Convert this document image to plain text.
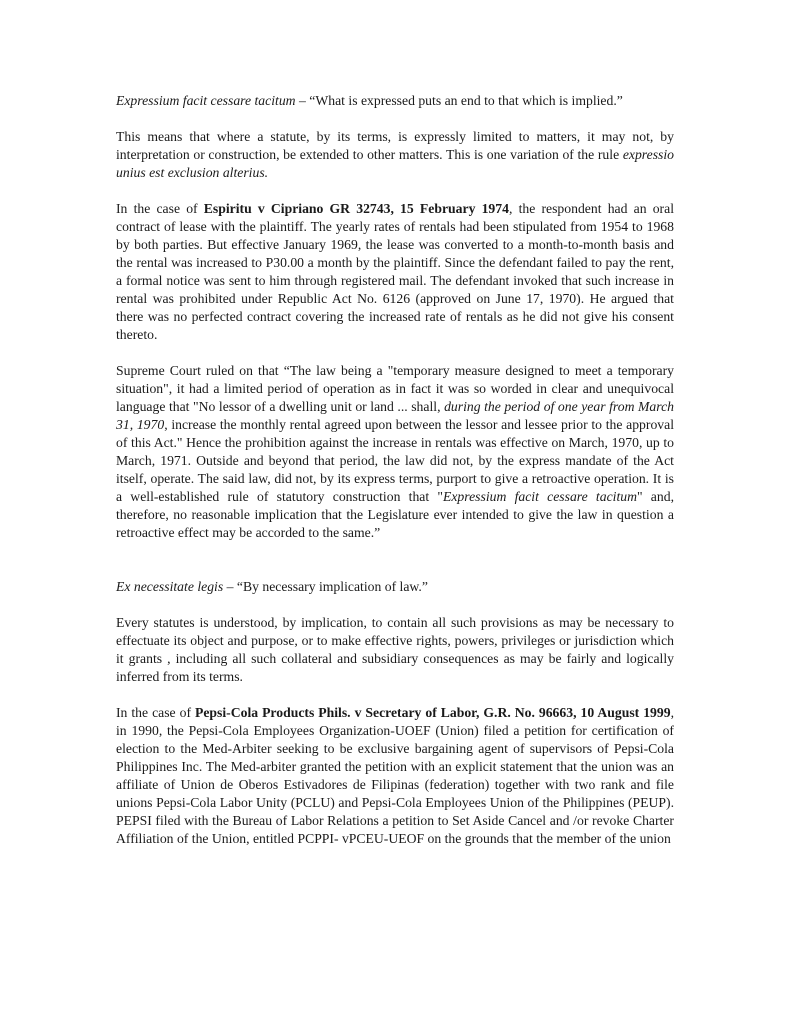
Expressium facit cessare tacitum – “What is expressed puts an end to that which is implied.”

This means that where a statute, by its terms, is expressly limited to matters, it may not, by interpretation or construction, be extended to other matters. This is one variation of the rule expressio unius est exclusion alterius.

In the case of Espiritu v Cipriano GR 32743, 15 February 1974, the respondent had an oral contract of lease with the plaintiff. The yearly rates of rentals had been stipulated from 1954 to 1968 by both parties. But effective January 1969, the lease was converted to a month-to-month basis and the rental was increased to P30.00 a month by the plaintiff. Since the defendant failed to pay the rent, a formal notice was sent to him through registered mail. The defendant invoked that such increase in rental was prohibited under Republic Act No. 6126 (approved on June 17, 1970). He argued that there was no perfected contract covering the increased rate of rentals as he did not give his consent thereto.

Supreme Court ruled on that “The law being a "temporary measure designed to meet a temporary situation", it had a limited period of operation as in fact it was so worded in clear and unequivocal language that "No lessor of a dwelling unit or land ... shall, during the period of one year from March 31, 1970, increase the monthly rental agreed upon between the lessor and lessee prior to the approval of this Act." Hence the prohibition against the increase in rentals was effective on March, 1970, up to March, 1971. Outside and beyond that period, the law did not, by the express mandate of the Act itself, operate. The said law, did not, by its express terms, purport to give a retroactive operation. It is a well-established rule of statutory construction that "Expressium facit cessare tacitum" and, therefore, no reasonable implication that the Legislature ever intended to give the law in question a retroactive effect may be accorded to the same.”

Ex necessitate legis – “By necessary implication of law.”

Every statutes is understood, by implication, to contain all such provisions as may be necessary to effectuate its object and purpose, or to make effective rights, powers, privileges or jurisdiction which it grants , including all such collateral and subsidiary consequences as may be fairly and logically inferred from its terms.

In the case of Pepsi-Cola Products Phils. v Secretary of Labor, G.R. No. 96663, 10 August 1999, in 1990, the Pepsi-Cola Employees Organization-UOEF (Union) filed a petition for certification of election to the Med-Arbiter seeking to be exclusive bargaining agent of supervisors of Pepsi-Cola Philippines Inc. The Med-arbiter granted the petition with an explicit statement that the union was an affiliate of Union de Oberos Estivadores de Filipinas (federation) together with two rank and file unions Pepsi-Cola Labor Unity (PCLU) and Pepsi-Cola Employees Union of the Philippines (PEUP). PEPSI filed with the Bureau of Labor Relations a petition to Set Aside Cancel and /or revoke Charter Affiliation of the Union, entitled PCPPI- vPCEU-UEOF on the grounds that the member of the union
